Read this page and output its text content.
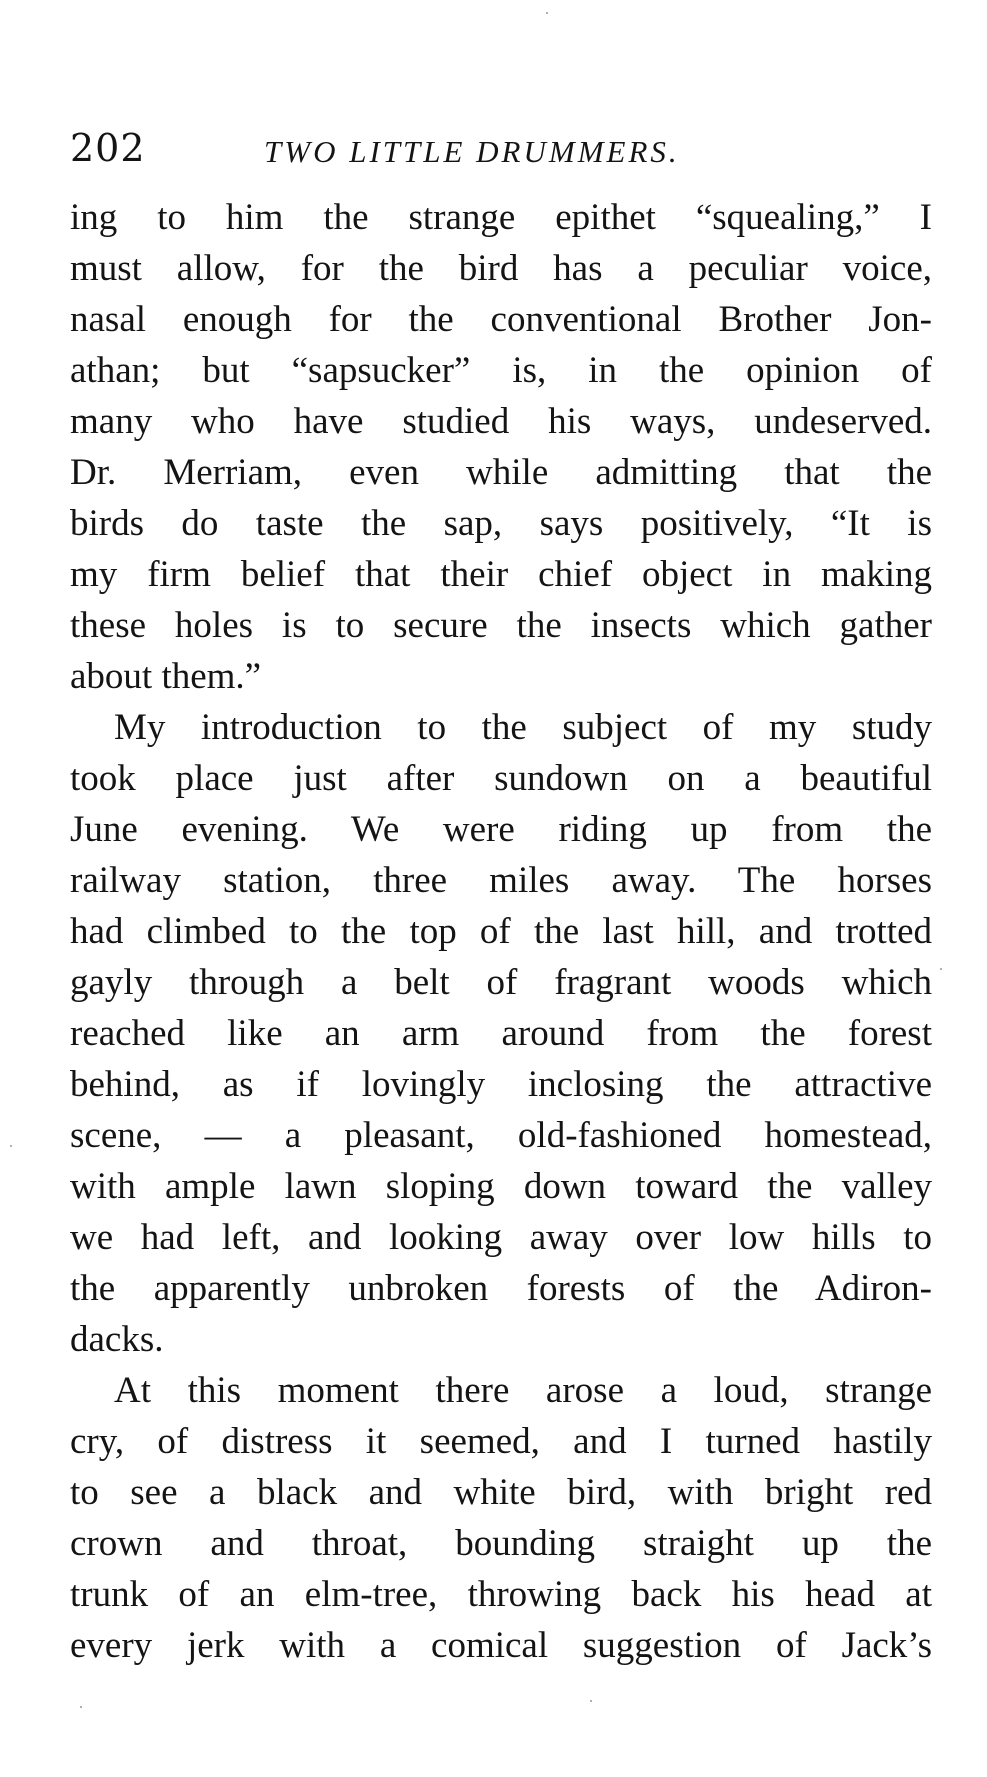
202	TWO LITTLE DRUMMERS.
ing to him the strange epithet “squealing,” I
must allow, for the bird has a peculiar voice,
nasal enough for the conventional Brother Jon-
athan; but “sapsucker” is, in the opinion of
many who have studied his ways, undeserved.
Dr. Merriam, even while admitting that the
birds do taste the sap, says positively, “It is
my firm belief that their chief object in making
these holes is to secure the insects which gather
about them.”
My introduction to the subject of my study
took place just after sundown on a beautiful
June evening. We were riding up from the
railway station, three miles away. The horses
had climbed to the top of the last hill, and trotted
gayly through a belt of fragrant woods which
reached like an arm around from the forest
behind, as if lovingly inclosing the attractive
scene, — a pleasant, old-fashioned homestead,
with ample lawn sloping down toward the valley
we had left, and looking away over low hills to
the apparently unbroken forests of the Adiron-
dacks.
At this moment there arose a loud, strange
cry, of distress it seemed, and I turned hastily
to see a black and white bird, with bright red
crown and throat, bounding straight up the
trunk of an elm-tree, throwing back his head at
every jerk with a comical suggestion of Jack’s
